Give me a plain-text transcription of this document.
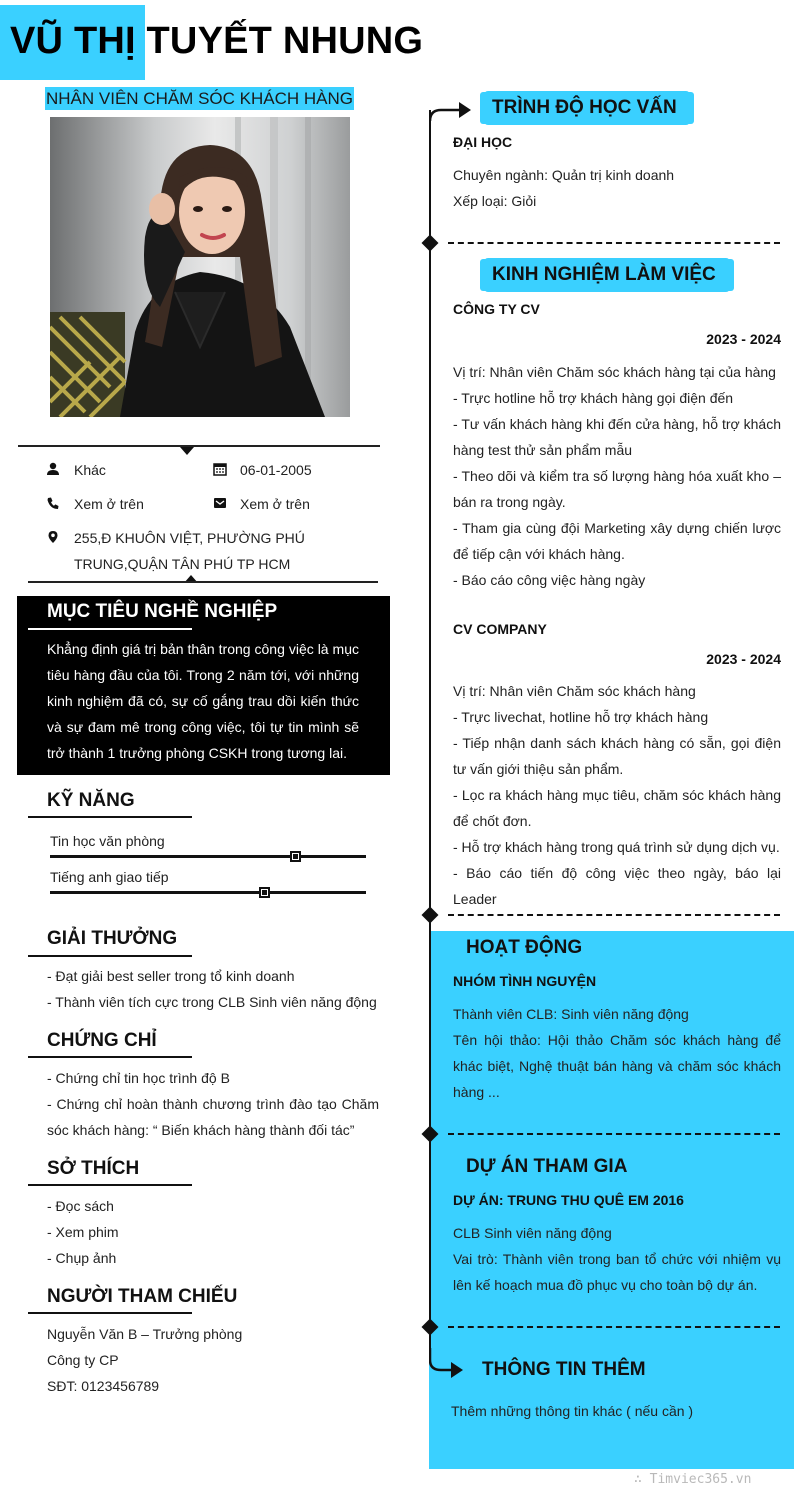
VŨ THỊ TUYẾT NHUNG
NHÂN VIÊN CHĂM SÓC KHÁCH HÀNG
Khác	06-01-2005
Xem ở trên	Xem ở trên
255,Đ KHUÔN VIỆT, PHƯỜNG PHÚ
TRUNG,QUẬN TÂN PHÚ TP HCM
MỤC TIÊU NGHỀ NGHIỆP
Khẳng định giá trị bản thân trong công việc là mục tiêu hàng đầu của tôi. Trong 2 năm tới, với những kinh nghiệm đã có, sự cố gắng trau dồi kiến thức và sự đam mê trong công việc, tôi tự tin mình sẽ trở thành 1 trưởng phòng CSKH trong tương lai.
KỸ NĂNG
Tin học văn phòng
Tiếng anh giao tiếp
GIẢI THƯỞNG
- Đạt giải best seller trong tổ kinh doanh
- Thành viên tích cực trong CLB Sinh viên năng động
CHỨNG CHỈ
- Chứng chỉ tin học trình độ B
- Chứng chỉ hoàn thành chương trình đào tạo Chăm sóc khách hàng: “ Biến khách hàng thành đối tác”
SỞ THÍCH
- Đọc sách
- Xem phim
- Chụp ảnh
NGƯỜI THAM CHIẾU
Nguyễn Văn B – Trưởng phòng
Công ty CP
SĐT: 0123456789
TRÌNH ĐỘ HỌC VẤN
ĐẠI HỌC
Chuyên ngành: Quản trị kinh doanh
Xếp loại: Giỏi
KINH NGHIỆM LÀM VIỆC
CÔNG TY CV
2023 - 2024
Vị trí: Nhân viên Chăm sóc khách hàng tại của hàng
- Trực hotline hỗ trợ khách hàng gọi điện đến
- Tư vấn khách hàng khi đến cửa hàng, hỗ trợ khách hàng test thử sản phẩm mẫu
- Theo dõi và kiểm tra số lượng hàng hóa xuất kho – bán ra trong ngày.
- Tham gia cùng đội Marketing xây dựng chiến lược để tiếp cận với khách hàng.
- Báo cáo công việc hàng ngày
CV COMPANY
2023 - 2024
Vị trí: Nhân viên Chăm sóc khách hàng
- Trực livechat, hotline hỗ trợ khách hàng
- Tiếp nhận danh sách khách hàng có sẵn, gọi điện tư vấn giới thiệu sản phẩm.
- Lọc ra khách hàng mục tiêu, chăm sóc khách hàng để chốt đơn.
- Hỗ trợ khách hàng trong quá trình sử dụng dịch vụ.
- Báo cáo tiến độ công việc theo ngày, báo lại Leader
HOẠT ĐỘNG
NHÓM TÌNH NGUYỆN
Thành viên CLB: Sinh viên năng động
Tên hội thảo: Hội thảo Chăm sóc khách hàng để khác biệt, Nghệ thuật bán hàng và chăm sóc khách hàng ...
DỰ ÁN THAM GIA
DỰ ÁN: TRUNG THU QUÊ EM 2016
CLB Sinh viên năng động
Vai trò: Thành viên trong ban tổ chức với nhiệm vụ lên kế hoạch mua đồ phục vụ cho toàn bộ dự án.
THÔNG TIN THÊM
Thêm những thông tin khác ( nếu cần )
∴ Timviec365.vn
